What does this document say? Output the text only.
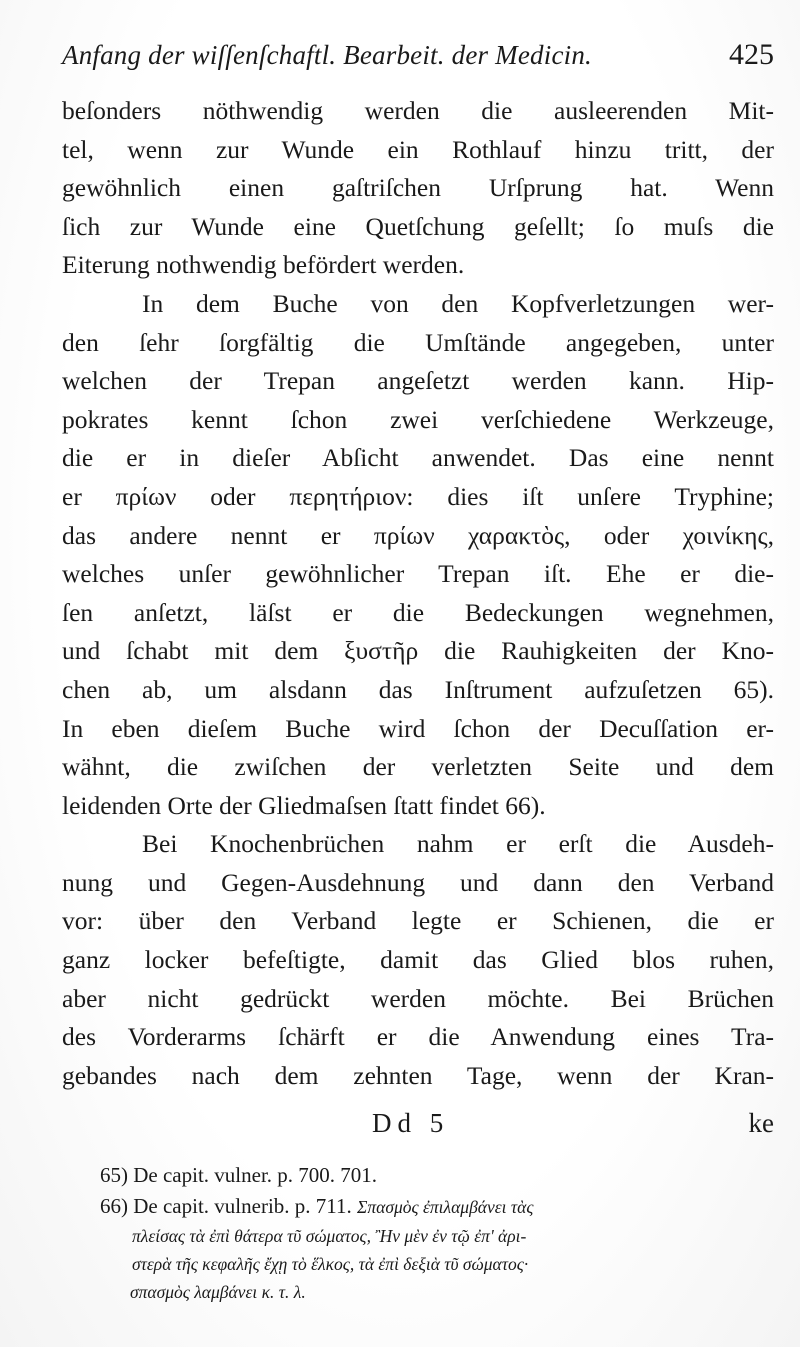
Anfang der wiſſenſchaftl. Bearbeit. der Medicin.	425
beſonders nöthwendig werden die ausleerenden Mit-
tel, wenn zur Wunde ein Rothlauf hinzu tritt, der
gewöhnlich einen gaſtriſchen Urſprung hat. Wenn
ſich zur Wunde eine Quetſchung geſellt; ſo muſs die
Eiterung nothwendig befördert werden.
In dem Buche von den Kopfverletzungen wer-
den ſehr ſorgfältig die Umſtände angegeben, unter
welchen der Trepan angeſetzt werden kann. Hip-
pokrates kennt ſchon zwei verſchiedene Werkzeuge,
die er in dieſer Abſicht anwendet. Das eine nennt
er πρίων oder περητήριον: dies iſt unſere Tryphine;
das andere nennt er πρίων χαρακτὸς, oder χοινίκης,
welches unſer gewöhnlicher Trepan iſt. Ehe er die-
ſen anſetzt, läſst er die Bedeckungen wegnehmen,
und ſchabt mit dem ξυστῆρ die Rauhigkeiten der Kno-
chen ab, um alsdann das Inſtrument aufzuſetzen 65).
In eben dieſem Buche wird ſchon der Decuſſation er-
wähnt, die zwiſchen der verletzten Seite und dem
leidenden Orte der Gliedmaſsen ſtatt findet 66).
Bei Knochenbrüchen nahm er erſt die Ausdeh-
nung und Gegen-Ausdehnung und dann den Verband
vor: über den Verband legte er Schienen, die er
ganz locker befeſtigte, damit das Glied blos ruhen,
aber nicht gedrückt werden möchte. Bei Brüchen
des Vorderarms ſchärft er die Anwendung eines Tra-
gebandes nach dem zehnten Tage, wenn der Kran-
Dd 5	ke
65) De capit. vulner. p. 700. 701.
66) De capit. vulnerib. p. 711. Σπασμὸς ἐπιλαμβάνει τὰς
πλείσας τὰ ἐπὶ θάτερα τῦ σώματος, Ἢν μὲν ἐν τῷ ἐπ' ἀρι-
στερὰ τῆς κεφαλῆς ἔχῃ τὸ ἕλκος, τὰ ἐπὶ δεξιὰ τῦ σώματος·
σπασμὸς λαμβάνει κ. τ. λ.
